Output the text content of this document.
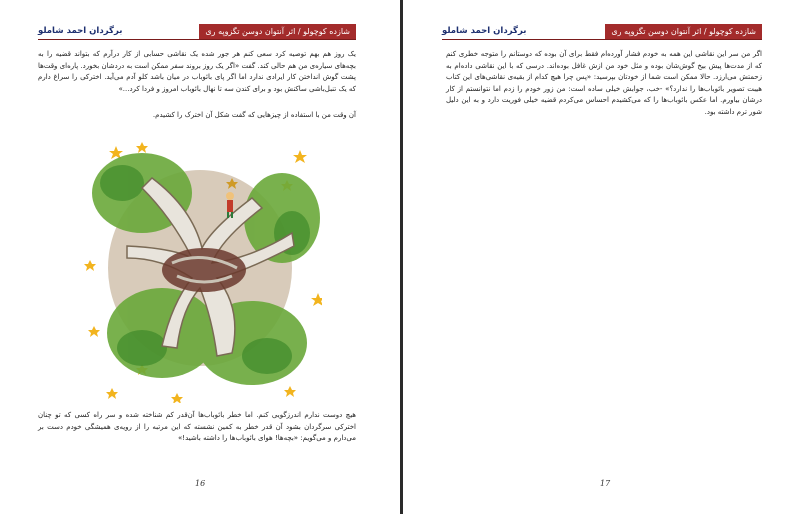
برگردان احمد شاملو	شازده کوچولو / اثر آنتوان دوسن تگزوپه ری
یک روز هم بهم توصیه کرد سعی کنم هر جور شده یک نقاشی حسابی از کار درآرم که بتواند قضیه را به بچه‌های سیاره‌ی من هم حالی کند. گفت «اگر یک روز بروند سفر ممکن است به دردشان بخورد. پاره‌ای وقت‌ها پشت گوش انداختن کار ایرادی ندارد اما اگر پای بائوباب در میان باشد کلو آدم می‌آید. اخترکی را سراغ دارم که یک تنبل‌باشی ساکنش بود و برای کندن سه تا نهال بائوباب امروز و فردا کرد...»
آن وقت من با استفاده از چیزهایی که گفت شکل آن اخترک را کشیدم.
هیچ دوست ندارم اندرزگویی کنم. اما خطر بائوباب‌ها آن‌قدر کم شناخته شده و سر راه کسی که تو چنان اخترکی سرگردان بشود آن قدر خطر به کمین نشسته که این مرتبه را از رویه‌ی همیشگی خودم دست بر می‌دارم و می‌گویم: «بچه‌ها! هوای بائوباب‌ها را داشته باشید!»
16
برگردان احمد شاملو	شازده کوچولو / اثر آنتوان دوسن تگزوپه ری
اگر من سر این نقاشی این همه به خودم فشار آورده‌ام فقط برای آن بوده که دوستانم را متوجه خطری کنم که از مدت‌ها پیش بیخ گوش‌شان بوده و مثل خود من ازش غافل بوده‌اند. درسی که با این نقاشی داده‌ام به زحمتش می‌ارزد. حالا ممکن است شما از خودتان بپرسید: «پس چرا هیچ کدام از بقیه‌ی نقاشی‌های این کتاب هیبت تصویر بائوباب‌ها را ندارد؟» -خب، جوابش خیلی ساده است: من زور خودم را زدم اما نتوانستم از کار درشان بیاورم. اما عکس بائوباب‌ها را که می‌کشیدم احساس می‌کردم قضیه خیلی فوریت دارد و به این دلیل شور ترم داشته بود.
17
